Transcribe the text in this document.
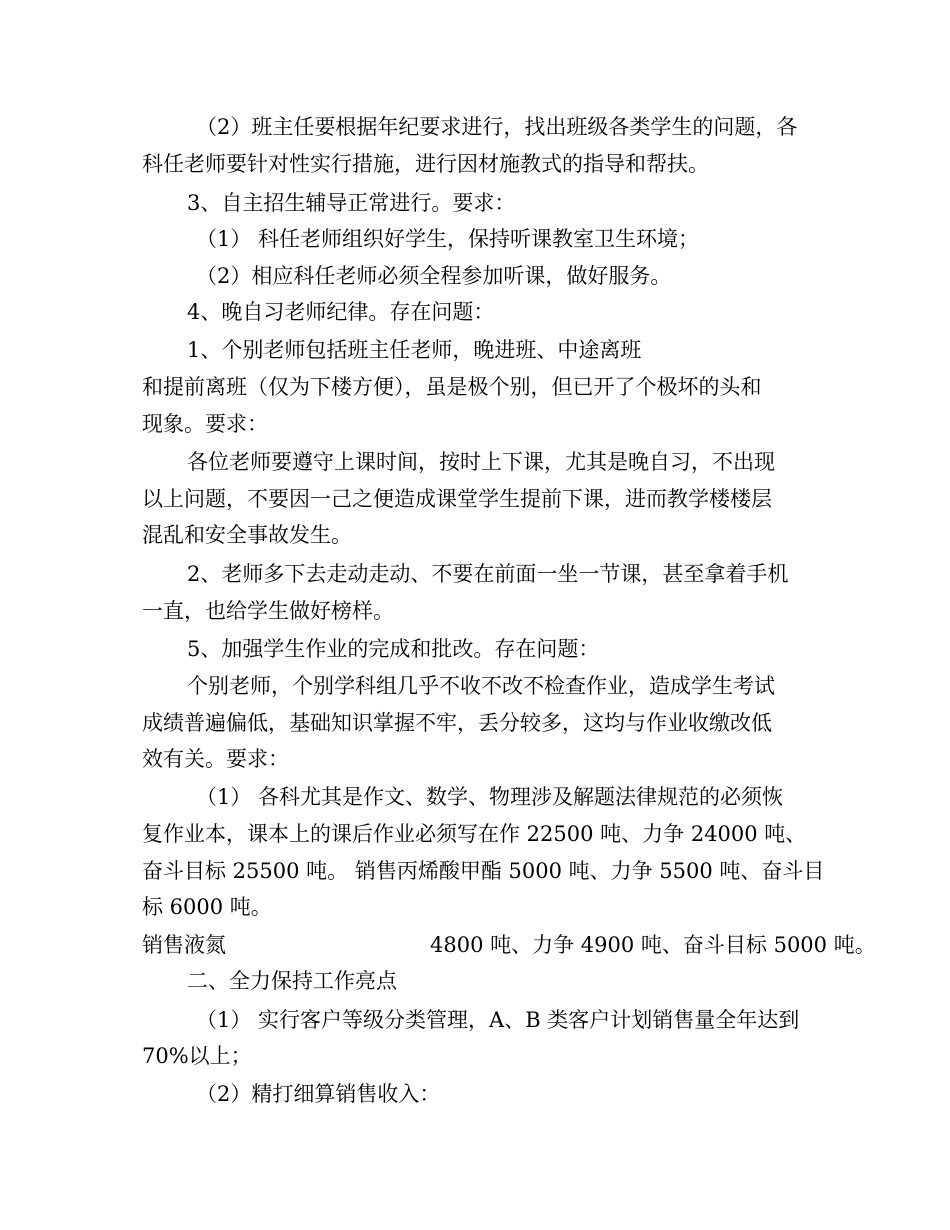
（2）班主任要根据年纪要求进行，找出班级各类学生的问题，各
科任老师要针对性实行措施，进行因材施教式的指导和帮扶。
3、自主招生辅导正常进行。要求：
（1） 科任老师组织好学生，保持听课教室卫生环境；
（2）相应科任老师必须全程参加听课，做好服务。
4、晚自习老师纪律。存在问题：
1、个别老师包括班主任老师，晚进班、中途离班
和提前离班（仅为下楼方便），虽是极个别，但已开了个极坏的头和
现象。要求：
各位老师要遵守上课时间，按时上下课，尤其是晚自习，不出现
以上问题，不要因一己之便造成课堂学生提前下课，进而教学楼楼层
混乱和安全事故发生。
2、老师多下去走动走动、不要在前面一坐一节课，甚至拿着手机
一直，也给学生做好榜样。
5、加强学生作业的完成和批改。存在问题：
个别老师，个别学科组几乎不收不改不检查作业，造成学生考试
成绩普遍偏低，基础知识掌握不牢，丢分较多，这均与作业收缴改低
效有关。要求：
（1） 各科尤其是作文、数学、物理涉及解题法律规范的必须恢
复作业本，课本上的课后作业必须写在作 22500 吨、力争 24000 吨、
奋斗目标 25500 吨。 销售丙烯酸甲酯 5000 吨、力争 5500 吨、奋斗目
标 6000 吨。
销售液氮	4800 吨、力争 4900 吨、奋斗目标 5000 吨。
二、全力保持工作亮点
（1） 实行客户等级分类管理，A、B 类客户计划销售量全年达到
70%以上；
（2）精打细算销售收入：
